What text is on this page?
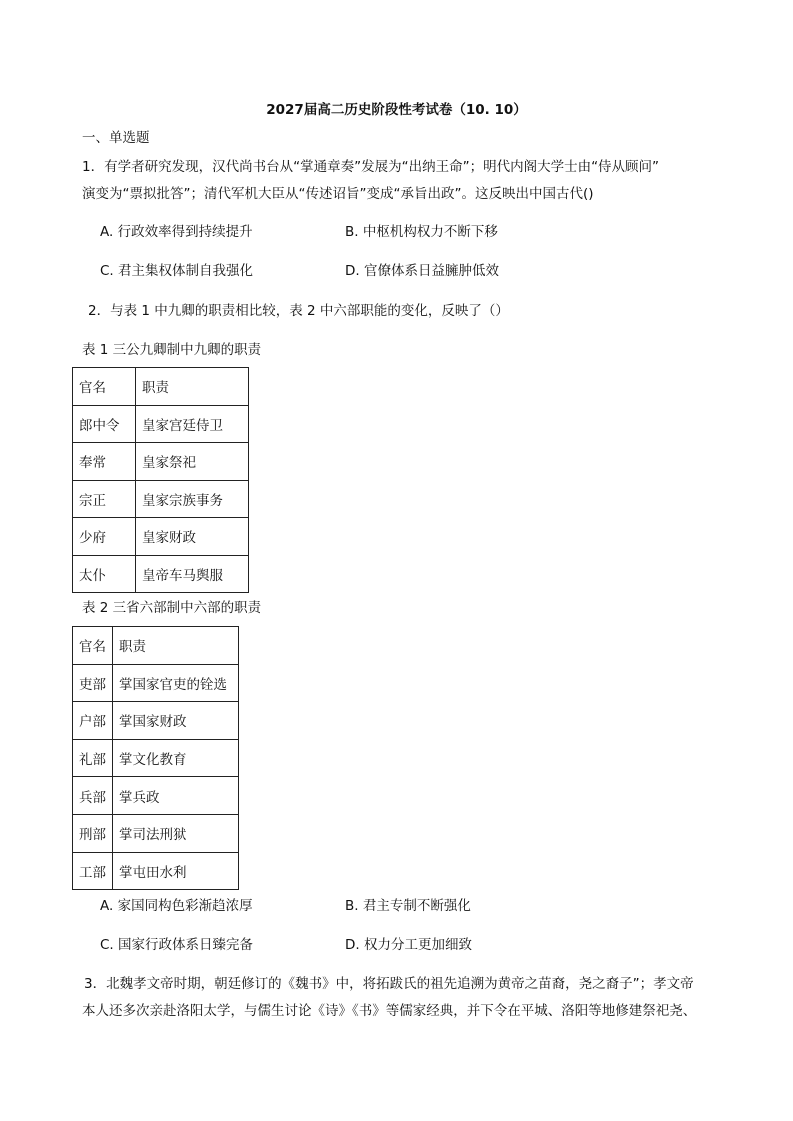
2027届高二历史阶段性考试卷（10. 10）
一、单选题
1．有学者研究发现，汉代尚书台从“掌通章奏”发展为“出纳王命”；明代内阁大学士由“侍从顾问”
演变为“票拟批答”；清代军机大臣从“传述诏旨”变成“承旨出政”。这反映出中国古代()
A. 行政效率得到持续提升	B. 中枢机构权力不断下移
C. 君主集权体制自我强化	D. 官僚体系日益臃肿低效
2．与表 1 中九卿的职责相比较，表 2 中六部职能的变化，反映了（）
表 1 三公九卿制中九卿的职责
官名	职责
郎中令	皇家宫廷侍卫
奉常	皇家祭祀
宗正	皇家宗族事务
少府	皇家财政
太仆	皇帝车马舆服
表 2 三省六部制中六部的职责
官名	职责
吏部	掌国家官吏的铨选
户部	掌国家财政
礼部	掌文化教育
兵部	掌兵政
刑部	掌司法刑狱
工部	掌屯田水利
A. 家国同构色彩渐趋浓厚	B. 君主专制不断强化
C. 国家行政体系日臻完备	D. 权力分工更加细致
3．北魏孝文帝时期，朝廷修订的《魏书》中，将拓跋氏的祖先追溯为黄帝之苗裔，尧之裔子”；孝文帝
本人还多次亲赴洛阳太学，与儒生讨论《诗》《书》等儒家经典，并下令在平城、洛阳等地修建祭祀尧、
